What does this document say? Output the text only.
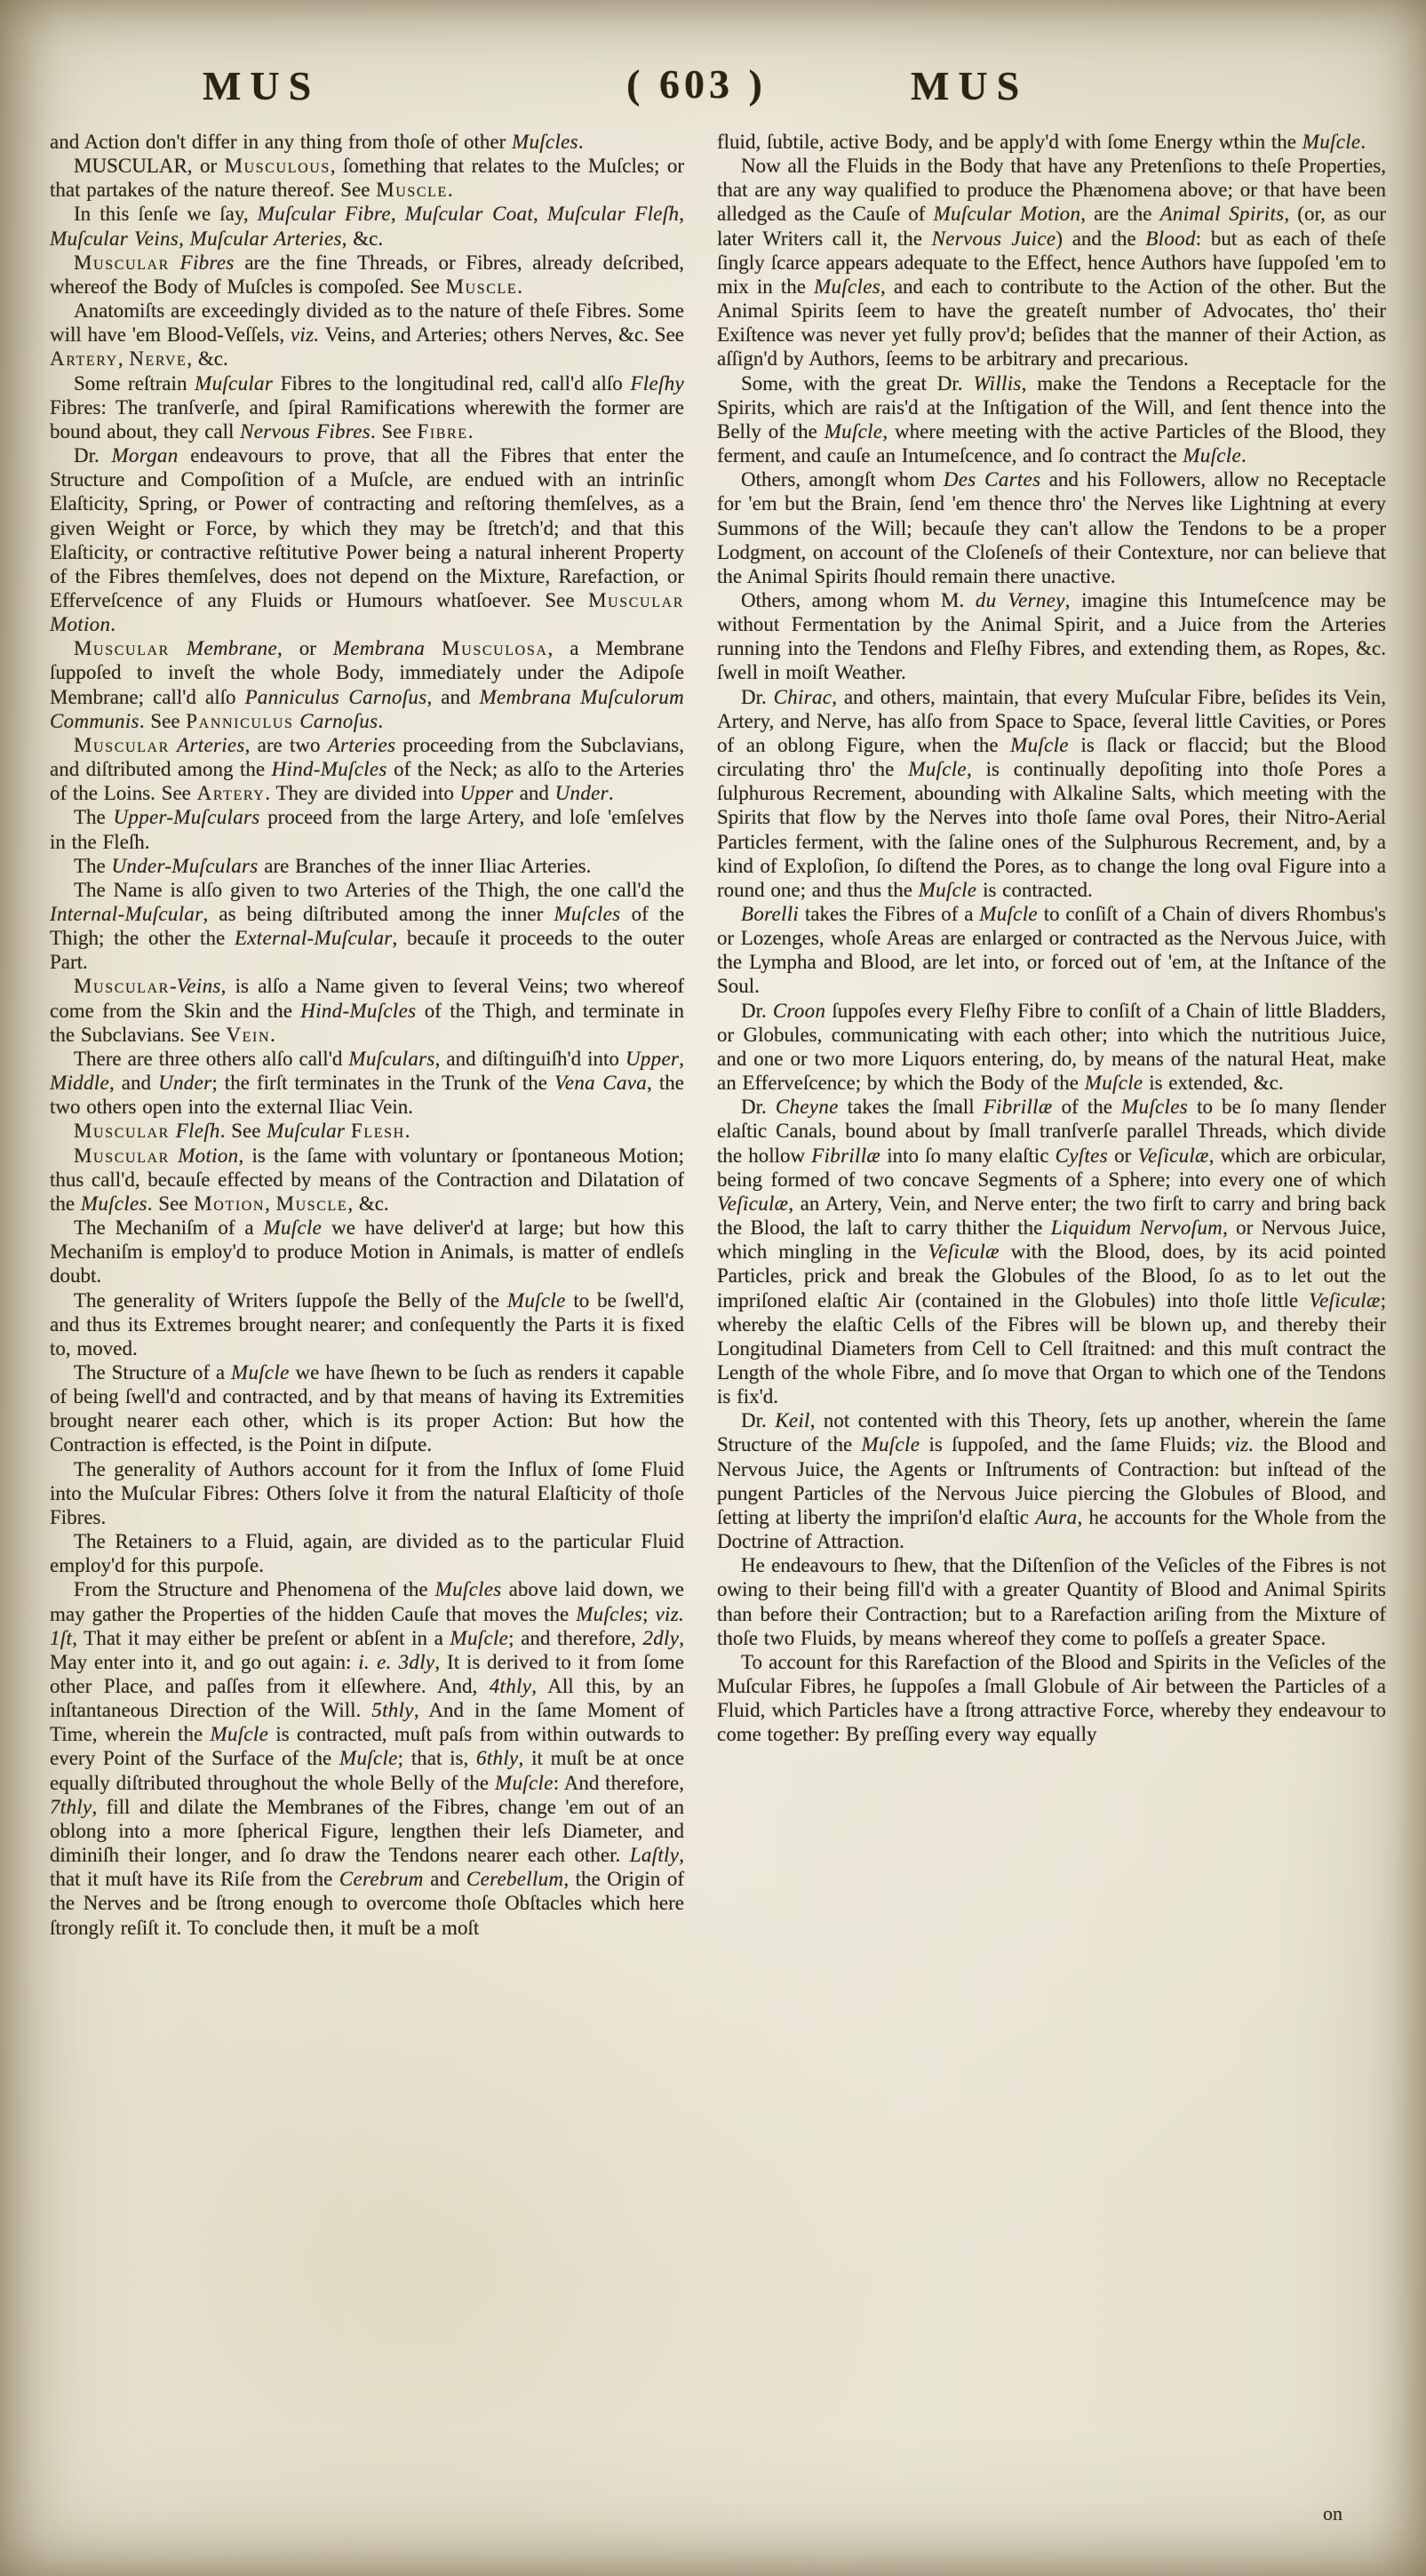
MUS	( 603 )	MUS

and Action don't differ in any thing from thoſe of other Muſcles.

MUSCULAR, or Musculous, ſomething that relates to the Muſcles; or that partakes of the nature thereof. See Muscle.

In this ſenſe we ſay, Muſcular Fibre, Muſcular Coat, Muſcular Fleſh, Muſcular Veins, Muſcular Arteries, &c.

Muscular Fibres are the fine Threads, or Fibres, already deſcribed, whereof the Body of Muſcles is compoſed. See Muscle.

Anatomiſts are exceedingly divided as to the nature of theſe Fibres. Some will have 'em Blood-Veſſels, viz. Veins, and Arteries; others Nerves, &c. See Artery, Nerve, &c.

Some reſtrain Muſcular Fibres to the longitudinal red, call'd alſo Fleſhy Fibres: The tranſverſe, and ſpiral Ramifications wherewith the former are bound about, they call Nervous Fibres. See Fibre.

Dr. Morgan endeavours to prove, that all the Fibres that enter the Structure and Compoſition of a Muſcle, are endued with an intrinſic Elaſticity, Spring, or Power of contracting and reſtoring themſelves, as a given Weight or Force, by which they may be ſtretch'd; and that this Elaſticity, or contractive reſtitutive Power being a natural inherent Property of the Fibres themſelves, does not depend on the Mixture, Rarefaction, or Efferveſcence of any Fluids or Humours whatſoever. See Muscular Motion.

Muscular Membrane, or Membrana Musculosa, a Membrane ſuppoſed to inveſt the whole Body, immediately under the Adipoſe Membrane; call'd alſo Panniculus Carnoſus, and Membrana Muſculorum Communis. See Panniculus Carnoſus.

Muscular Arteries, are two Arteries proceeding from the Subclavians, and diſtributed among the Hind-Muſcles of the Neck; as alſo to the Arteries of the Loins. See Artery. They are divided into Upper and Under.

The Upper-Muſculars proceed from the large Artery, and loſe 'emſelves in the Fleſh.

The Under-Muſculars are Branches of the inner Iliac Arteries.

The Name is alſo given to two Arteries of the Thigh, the one call'd the Internal-Muſcular, as being diſtributed among the inner Muſcles of the Thigh; the other the External-Muſcular, becauſe it proceeds to the outer Part.

Muscular-Veins, is alſo a Name given to ſeveral Veins; two whereof come from the Skin and the Hind-Muſcles of the Thigh, and terminate in the Subclavians. See Vein.

There are three others alſo call'd Muſculars, and diſtinguiſh'd into Upper, Middle, and Under; the firſt terminates in the Trunk of the Vena Cava, the two others open into the external Iliac Vein.

Muscular Fleſh. See Muſcular Flesh.

Muscular Motion, is the ſame with voluntary or ſpontaneous Motion; thus call'd, becauſe effected by means of the Contraction and Dilatation of the Muſcles. See Motion, Muscle, &c.

The Mechaniſm of a Muſcle we have deliver'd at large; but how this Mechaniſm is employ'd to produce Motion in Animals, is matter of endleſs doubt.

The generality of Writers ſuppoſe the Belly of the Muſcle to be ſwell'd, and thus its Extremes brought nearer; and conſequently the Parts it is fixed to, moved.

The Structure of a Muſcle we have ſhewn to be ſuch as renders it capable of being ſwell'd and contracted, and by that means of having its Extremities brought nearer each other, which is its proper Action: But how the Contraction is effected, is the Point in diſpute.

The generality of Authors account for it from the Influx of ſome Fluid into the Muſcular Fibres: Others ſolve it from the natural Elaſticity of thoſe Fibres.

The Retainers to a Fluid, again, are divided as to the particular Fluid employ'd for this purpoſe.

From the Structure and Phenomena of the Muſcles above laid down, we may gather the Properties of the hidden Cauſe that moves the Muſcles; viz. 1ſt, That it may either be preſent or abſent in a Muſcle; and therefore, 2dly, May enter into it, and go out again: i. e. 3dly, It is derived to it from ſome other Place, and paſſes from it elſewhere. And, 4thly, All this, by an inſtantaneous Direction of the Will. 5thly, And in the ſame Moment of Time, wherein the Muſcle is contracted, muſt paſs from within outwards to every Point of the Surface of the Muſcle; that is, 6thly, it muſt be at once equally diſtributed throughout the whole Belly of the Muſcle: And therefore, 7thly, fill and dilate the Membranes of the Fibres, change 'em out of an oblong into a more ſpherical Figure, lengthen their leſs Diameter, and diminiſh their longer, and ſo draw the Tendons nearer each other. Laſtly, that it muſt have its Riſe from the Cerebrum and Cerebellum, the Origin of the Nerves and be ſtrong enough to overcome thoſe Obſtacles which here ſtrongly reſiſt it. To conclude then, it muſt be a moſt

fluid, ſubtile, active Body, and be apply'd with ſome Energy wthin the Muſcle.

Now all the Fluids in the Body that have any Pretenſions to theſe Properties, that are any way qualified to produce the Phænomena above; or that have been alledged as the Cauſe of Muſcular Motion, are the Animal Spirits, (or, as our later Writers call it, the Nervous Juice) and the Blood: but as each of theſe ſingly ſcarce appears adequate to the Effect, hence Authors have ſuppoſed 'em to mix in the Muſcles, and each to contribute to the Action of the other. But the Animal Spirits ſeem to have the greateſt number of Advocates, tho' their Exiſtence was never yet fully prov'd; beſides that the manner of their Action, as aſſign'd by Authors, ſeems to be arbitrary and precarious.

Some, with the great Dr. Willis, make the Tendons a Receptacle for the Spirits, which are rais'd at the Inſtigation of the Will, and ſent thence into the Belly of the Muſcle, where meeting with the active Particles of the Blood, they ferment, and cauſe an Intumeſcence, and ſo contract the Muſcle.

Others, amongſt whom Des Cartes and his Followers, allow no Receptacle for 'em but the Brain, ſend 'em thence thro' the Nerves like Lightning at every Summons of the Will; becauſe they can't allow the Tendons to be a proper Lodgment, on account of the Cloſeneſs of their Contexture, nor can believe that the Animal Spirits ſhould remain there unactive.

Others, among whom M. du Verney, imagine this Intumeſcence may be without Fermentation by the Animal Spirit, and a Juice from the Arteries running into the Tendons and Fleſhy Fibres, and extending them, as Ropes, &c. ſwell in moiſt Weather.

Dr. Chirac, and others, maintain, that every Muſcular Fibre, beſides its Vein, Artery, and Nerve, has alſo from Space to Space, ſeveral little Cavities, or Pores of an oblong Figure, when the Muſcle is ſlack or flaccid; but the Blood circulating thro' the Muſcle, is continually depoſiting into thoſe Pores a ſulphurous Recrement, abounding with Alkaline Salts, which meeting with the Spirits that flow by the Nerves into thoſe ſame oval Pores, their Nitro-Aerial Particles ferment, with the ſaline ones of the Sulphurous Recrement, and, by a kind of Exploſion, ſo diſtend the Pores, as to change the long oval Figure into a round one; and thus the Muſcle is contracted.

Borelli takes the Fibres of a Muſcle to conſiſt of a Chain of divers Rhombus's or Lozenges, whoſe Areas are enlarged or contracted as the Nervous Juice, with the Lympha and Blood, are let into, or forced out of 'em, at the Inſtance of the Soul.

Dr. Croon ſuppoſes every Fleſhy Fibre to conſiſt of a Chain of little Bladders, or Globules, communicating with each other; into which the nutritious Juice, and one or two more Liquors entering, do, by means of the natural Heat, make an Efferveſcence; by which the Body of the Muſcle is extended, &c.

Dr. Cheyne takes the ſmall Fibrillæ of the Muſcles to be ſo many ſlender elaſtic Canals, bound about by ſmall tranſverſe parallel Threads, which divide the hollow Fibrillæ into ſo many elaſtic Cyſtes or Veſiculæ, which are orbicular, being formed of two concave Segments of a Sphere; into every one of which Veſiculæ, an Artery, Vein, and Nerve enter; the two firſt to carry and bring back the Blood, the laſt to carry thither the Liquidum Nervoſum, or Nervous Juice, which mingling in the Veſiculæ with the Blood, does, by its acid pointed Particles, prick and break the Globules of the Blood, ſo as to let out the impriſoned elaſtic Air (contained in the Globules) into thoſe little Veſiculæ; whereby the elaſtic Cells of the Fibres will be blown up, and thereby their Longitudinal Diameters from Cell to Cell ſtraitned: and this muſt contract the Length of the whole Fibre, and ſo move that Organ to which one of the Tendons is fix'd.

Dr. Keil, not contented with this Theory, ſets up another, wherein the ſame Structure of the Muſcle is ſuppoſed, and the ſame Fluids; viz. the Blood and Nervous Juice, the Agents or Inſtruments of Contraction: but inſtead of the pungent Particles of the Nervous Juice piercing the Globules of Blood, and ſetting at liberty the impriſon'd elaſtic Aura, he accounts for the Whole from the Doctrine of Attraction.

He endeavours to ſhew, that the Diſtenſion of the Veſicles of the Fibres is not owing to their being fill'd with a greater Quantity of Blood and Animal Spirits than before their Contraction; but to a Rarefaction ariſing from the Mixture of thoſe two Fluids, by means whereof they come to poſſeſs a greater Space.

To account for this Rarefaction of the Blood and Spirits in the Veſicles of the Muſcular Fibres, he ſuppoſes a ſmall Globule of Air between the Particles of a Fluid, which Particles have a ſtrong attractive Force, whereby they endeavour to come together: By preſſing every way equally

on
